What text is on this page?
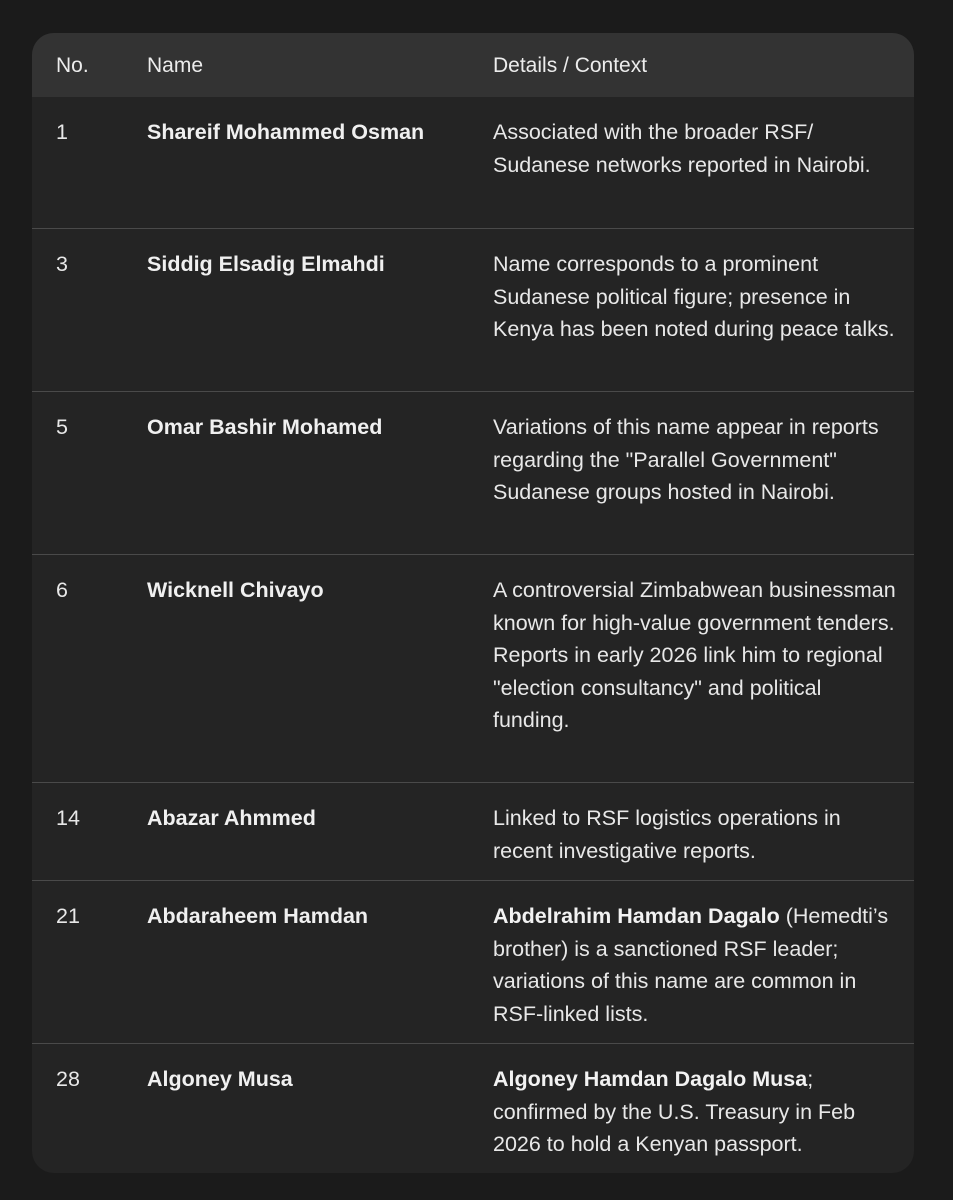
No.	Name	Details / Context
1	Shareif Mohammed Osman	Associated with the broader RSF/ Sudanese networks reported in Nairobi.
3	Siddig Elsadig Elmahdi	Name corresponds to a prominent Sudanese political figure; presence in Kenya has been noted during peace talks.
5	Omar Bashir Mohamed	Variations of this name appear in reports regarding the "Parallel Government" Sudanese groups hosted in Nairobi.
6	Wicknell Chivayo	A controversial Zimbabwean businessman known for high-value government tenders. Reports in early 2026 link him to regional "election consultancy" and political funding.
14	Abazar Ahmmed	Linked to RSF logistics operations in recent investigative reports.
21	Abdaraheem Hamdan	Abdelrahim Hamdan Dagalo (Hemedti’s brother) is a sanctioned RSF leader; variations of this name are common in RSF-linked lists.
28	Algoney Musa	Algoney Hamdan Dagalo Musa; confirmed by the U.S. Treasury in Feb 2026 to hold a Kenyan passport.
